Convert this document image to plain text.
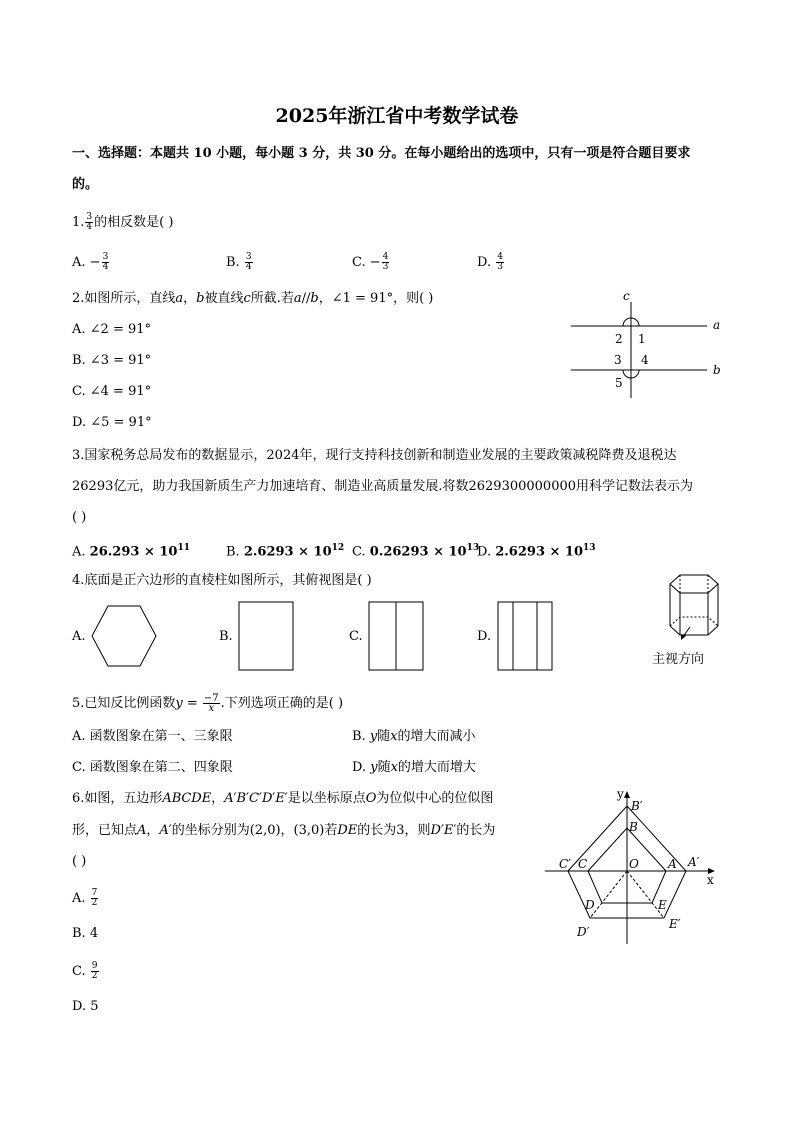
2025年浙江省中考数学试卷
一、选择题：本题共 10 小题，每小题 3 分，共 30 分。在每小题给出的选项中，只有一项是符合题目要求
的。
1. $\frac{3}{4}$ 的相反数是( )
A. − $\frac{3}{4}$	B. $\frac{3}{4}$	C. − $\frac{4}{3}$	D. $\frac{4}{3}$
2.如图所示，直线𝑎，𝑏被直线𝑐所截.若𝑎//𝑏，∠1 = 91°，则( )
A. ∠2 = 91°
B. ∠3 = 91°
C. ∠4 = 91°
D. ∠5 = 91°
c
a
b
1
2
3 4
5
3.国家税务总局发布的数据显示，2024年，现行支持科技创新和制造业发展的主要政策减税降费及退税达
26293亿元，助力我国新质生产力加速培育、制造业高质量发展.将数2629300000000用科学记数法表示为
( )
A. $26.293 \times 10^{11}$	B. $2.6293 \times 10^{12}$ C. $0.26293 \times 10^{13}$
D. $2.6293 \times 10^{13}$
4.底面是正六边形的直棱柱如图所示，其俯视图是( )
A.	B.	C.	D.
主视方向
5.已知反比例函数𝑦 = $\frac{-7}{\text{𝑥}}$ .下列选项正确的是( )
A. 函数图象在第一、三象限	B. 𝑦随𝑥的增大而减小
C. 函数图象在第二、四象限	D. 𝑦随𝑥的增大而增大
6.如图，五边形𝐴𝐵𝐶𝐷𝐸，𝐴′𝐵′𝐶′𝐷′𝐸′是以坐标原点𝑂为位似中心的位似图
形，已知点𝐴，𝐴′的坐标分别为(2,0)，(3,0)若𝐷𝐸的长为3，则𝐷′𝐸′的长为
( )
A. $\frac{7}{2}$
B. 4
C. $\frac{9}{2}$
D. 5
y
x
B′
B
C′ C	O A A′
D	E
D′
E′
